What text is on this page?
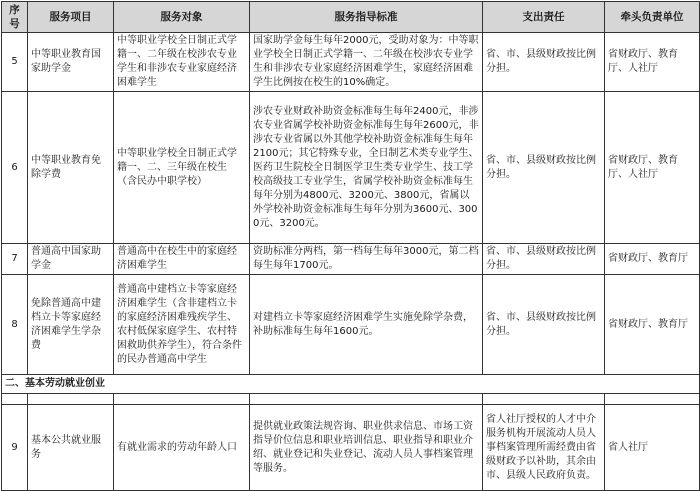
序号	服务项目	服务对象	服务指导标准	支出责任	牵头负责单位
5	中等职业教育国家助学金	中等职业学校全日制正式学籍一、二年级在校涉农专业学生和非涉农专业家庭经济困难学生	国家助学金每生每年2000元，受助对象为：中等职业学校全日制正式学籍一、二年级在校涉农专业学生和非涉农专业家庭经济困难学生，家庭经济困难学生比例按在校生的10%确定。	省、市、县级财政按比例分担。	省财政厅、教育厅、人社厅
6	中等职业教育免除学费	中等职业学校全日制正式学籍一、二、三年级在校生（含民办中职学校）	涉农专业财政补助资金标准每生每年2400元，非涉农专业省属学校补助资金标准每生每年2600元，非涉农专业省属以外其他学校补助资金标准每生每年2100元；其它特殊专业，全日制艺术类专业学生、医药卫生院校全日制医学卫生类专业学生、技工学校高级技工专业学生，省属学校补助资金标准每生每年分别为4800元、3200元、3800元，省属以外学校补助资金标准每生每年分别为3600元、3000元、3200元。	省、市、县级财政按比例分担。	省财政厅、教育厅、人社厅
7	普通高中国家助学金	普通高中在校生中的家庭经济困难学生	资助标准分两档，第一档每生每年3000元，第二档每生每年1700元。	省、市、县级财政按比例分担。	省财政厅、教育厅
8	免除普通高中建档立卡等家庭经济困难学生学杂费	普通高中建档立卡等家庭经济困难学生（含非建档立卡的家庭经济困难残疾学生、农村低保家庭学生、农村特困救助供养学生），符合条件的民办普通高中学生	对建档立卡等家庭经济困难学生实施免除学杂费，补助标准每生每年1600元。	省、市、县级财政按比例分担。	省财政厅、教育厅
二、基本劳动就业创业					

9	基本公共就业服务	有就业需求的劳动年龄人口	提供就业政策法规咨询、职业供求信息、市场工资指导价位信息和职业培训信息、职业指导和职业介绍、就业登记和失业登记、流动人员人事档案管理等服务。	省人社厅授权的人才中介服务机构开展流动人员人事档案管理所需经费由省级财政予以补助，其余由市、县级人民政府负责。	省人社厅
